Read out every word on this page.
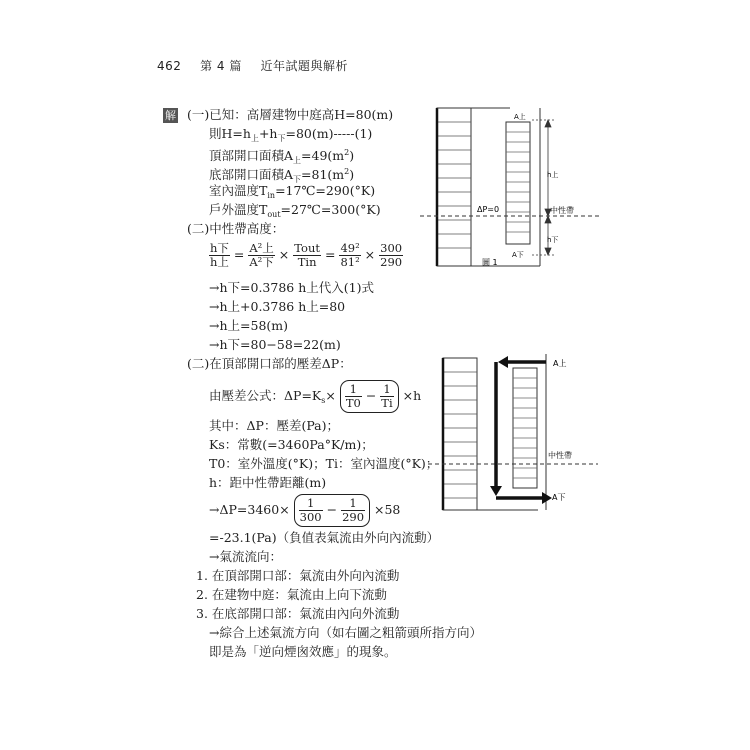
462 第 4 篇 近年試題與解析
解 (一)已知：高層建物中庭高H=80(m)
則$H=h_上+h_下=80(m)-----(1)$
頂部開口面積$A_上=49(m^2)$
底部開口面積$A_下=81(m^2)$
室內溫度$T_{in}=17℃=290(^\circ K)$
戶外溫度$T_{out}=27℃=300(^\circ K)$
(二)中性帶高度：
$\frac{\text{h下}}{\text{h上}} = \frac{\text{A²上}}{\text{A²下}} \times \frac{\text{Tout}}{\text{Tin}} = \frac{\text{49²}}{\text{81²}} \times \frac{300}{290}$
→h下=0.3786 h上代入(1)式
→h上+0.3786 h上=80
→h上=58(m)
→h下=80−58=22(m)
(二)在頂部開口部的壓差ΔP：
由壓差公式：$\Delta P=K_s\times \frac{1}{T0} - \frac{1}{Ti} \times h$
其中：ΔP：壓差(Pa)；
Ks：常數(=3460Pa°K/m)；
T0：室外溫度(°K)；Ti：室內溫度(°K)；
h：距中性帶距離(m)
$\to\Delta P=3460\times \frac{1}{300} - \frac{1}{290} \times 58$
=-23.1(Pa)（負值表氣流由外向內流動）
→氣流流向：
1. 在頂部開口部：氣流由外向內流動
2. 在建物中庭：氣流由上向下流動
3. 在底部開口部：氣流由內向外流動
→綜合上述氣流方向（如右圖之粗箭頭所指方向）
即是為「逆向煙囪效應」的現象。
A上
h上
ΔP=0	中性帶
h下
A下
圖 1
A上
中性帶
A下
